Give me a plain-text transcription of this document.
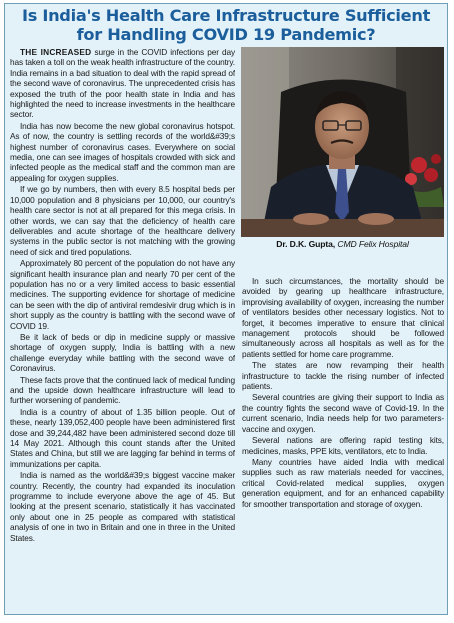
Is India's Health Care Infrastructure Sufficient
for Handling COVID 19 Pandemic?

THE INCREASED surge in the COVID infections per day has taken a toll on the weak health infrastructure of the country. India remains in a bad situation to deal with the rapid spread of the second wave of coronavirus. The unprecedented crisis has exposed the truth of the poor health state in India and has highlighted the need to increase investments in the healthcare sector.

India has now become the new global coronavirus hotspot. As of now, the country is settling records of the world&#39;s highest number of coronavirus cases. Everywhere on social media, one can see images of hospitals crowded with sick and infected people as the medical staff and the common man are appealing for oxygen supplies.

If we go by numbers, then with every 8.5 hospital beds per 10,000 population and 8 physicians per 10,000, our country's health care sector is not at all prepared for this mega crisis. In other words, we can say that the deficiency of health care deliverables and acute shortage of the healthcare delivery systems in the public sector is not matching with the growing need of sick and tired populations.

Approximately 80 percent of the population do not have any significant health insurance plan and nearly 70 per cent of the population has no or a very limited access to basic essential medicines. The supporting evidence for shortage of medicine can be seen with the dip of antiviral remdesivir drug which is in short supply as the country is battling with the second wave of COVID 19.

Be it lack of beds or dip in medicine supply or massive shortage of oxygen supply, India is battling with a new challenge everyday while battling with the second wave of Coronavirus.

These facts prove that the continued lack of medical funding and the upside down healthcare infrastructure will lead to further worsening of pandemic.

India is a country of about of 1.35 billion people. Out of these, nearly 139,052,400 people have been administered first dose and 39,244,482 have been administered second doze till 14 May 2021. Although this count stands after the United States and China, but still we are lagging far behind in terms of immunizations per capita.

India is named as the world&#39;s biggest vaccine maker country. Recently, the country had expanded its inoculation programme to include everyone above the age of 45. But looking at the present scenario, statistically it has vaccinated only about one in 25 people as compared with statistical analysis of one in two in Britain and one in three in the United States.

Dr. D.K. Gupta, CMD Felix Hospital

In such circumstances, the mortality should be avoided by gearing up healthcare infrastructure, improvising availability of oxygen, increasing the number of ventilators besides other necessary logistics. Not to forget, it becomes imperative to ensure that clinical management protocols should be followed simultaneously across all hospitals as well as for the patients settled for home care programme.

The states are now revamping their health infrastructure to tackle the rising number of infected patients.

Several countries are giving their support to India as the country fights the second wave of Covid-19. In the current scenario, India needs help for two parameters- vaccine and oxygen.

Several nations are offering rapid testing kits, medicines, masks, PPE kits, ventilators, etc to India.

Many countries have aided India with medical supplies such as raw materials needed for vaccines, critical Covid-related medical supplies, oxygen generation equipment, and for an enhanced capability for smoother transportation and storage of oxygen.
